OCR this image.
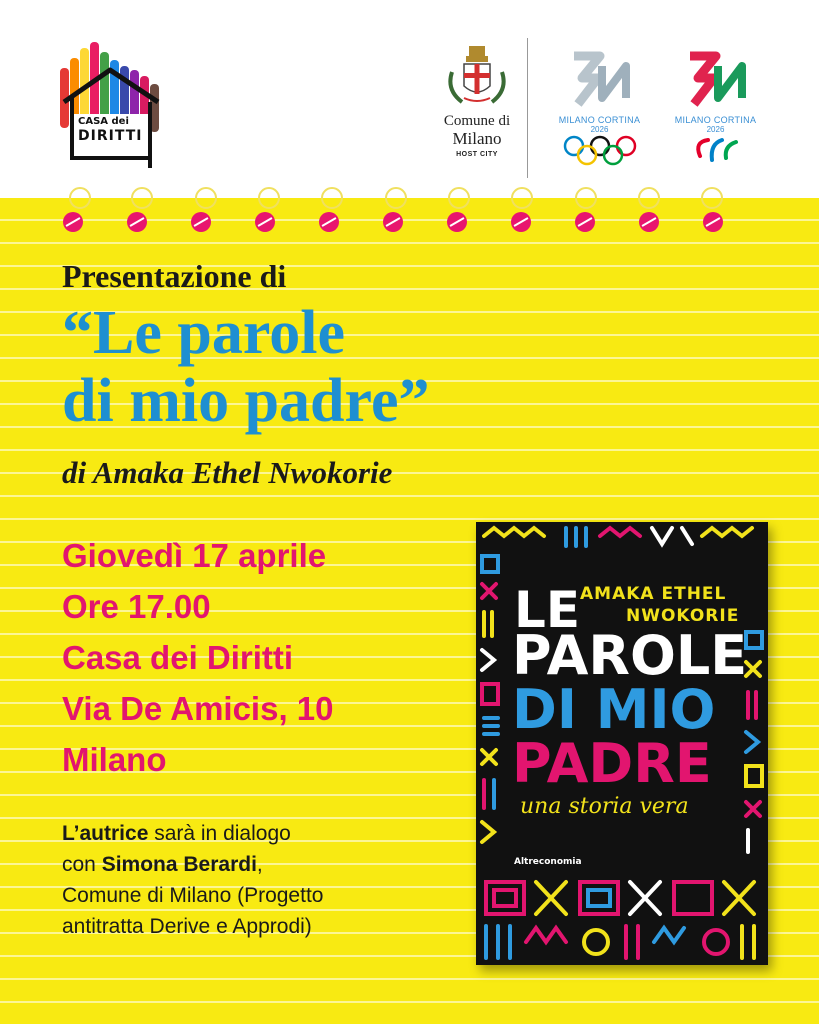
CASA dei
DIRITTI
Comune di
Milano
HOST CITY
MILANO CORTINA
2026
MILANO CORTINA
2026
Presentazione di
“Le parole
di mio padre”
di Amaka Ethel Nwokorie
Giovedì 17 aprile
Ore 17.00
Casa dei Diritti
Via De Amicis, 10
Milano
L’autrice sarà in dialogo
con Simona Berardi,
Comune di Milano (Progetto
antitratta Derive e Approdi)
AMAKA ETHEL
NWOKORIE
LE
PAROLE
DI MIO
PADRE
una storia vera
Altreconomia
